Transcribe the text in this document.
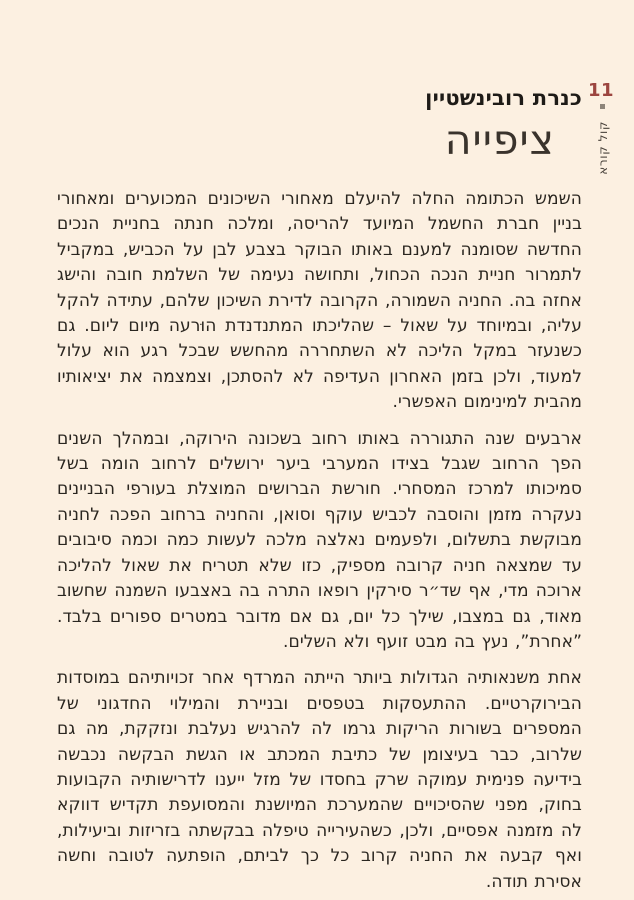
כנרת רובינשטיין 11
קול קורא
ציפייה

השמש הכתומה החלה להיעלם מאחורי השיכונים המכוערים ומאחורי בניין חברת החשמל המיועד להריסה, ומלכה חנתה בחניית הנכים החדשה שסומנה למענם באותו הבוקר בצבע לבן על הכביש, במקביל לתמרור חניית הנכה הכחול, ותחושה נעימה של השלמת חובה והישג אחזה בה. החניה השמורה, הקרובה לדירת השיכון שלהם, עתידה להקל עליה, ובמיוחד על שאול – שהליכתו המתנדנדת הוּרעה מיום ליום. גם כשנעזר במקל הליכה לא השתחררה מהחשש שבכל רגע הוא עלול למעוד, ולכן בזמן האחרון העדיפה לא להסתכן, וצמצמה את יציאותיו מהבית למינימום האפשרי.

ארבעים שנה התגוררה באותו רחוב בשכונה הירוקה, ובמהלך השנים הפך הרחוב שגבל בצידו המערבי ביער ירושלים לרחוב הומה בשל סמיכותו למרכז המסחרי. חורשת הברושים המוצלת בעורפי הבניינים נעקרה מזמן והוסבה לכביש עוקף וסואן, והחניה ברחוב הפכה לחניה מבוקשת בתשלום, ולפעמים נאלצה מלכה לעשות כמה וכמה סיבובים עד שמצאה חניה קרובה מספיק, כזו שלא תטריח את שאול להליכה ארוכה מדי, אף שד״ר סירקין רופאו התרה בה באצבעו השמנה שחשוב מאוד, גם במצבו, שילך כל יום, גם אם מדובר במטרים ספורים בלבד. ”אחרת”, נעץ בה מבט זועף ולא השלים.

אחת משנאותיה הגדולות ביותר הייתה המרדף אחר זכויותיהם במוסדות הבירוקרטיים. ההתעסקות בטפסים ובניירת והמילוי החדגוני של המספרים בשורות הריקות גרמו לה להרגיש נעלבת ונזקקת, מה גם שלרוב, כבר בעיצומן של כתיבת המכתב או הגשת הבקשה נכבשה בידיעה פנימית עמוקה שרק בחסדו של מזל ייענו לדרישותיה הקבועות בחוק, מפני שהסיכויים שהמערכת המיושנת והמסועפת תקדיש דווקא לה מזמנה אפסיים, ולכן, כשהעירייה טיפלה בבקשתה בזריזות וביעילות, ואף קבעה את החניה קרוב כל כך לביתם, הופתעה לטובה וחשה אסירת תודה.
